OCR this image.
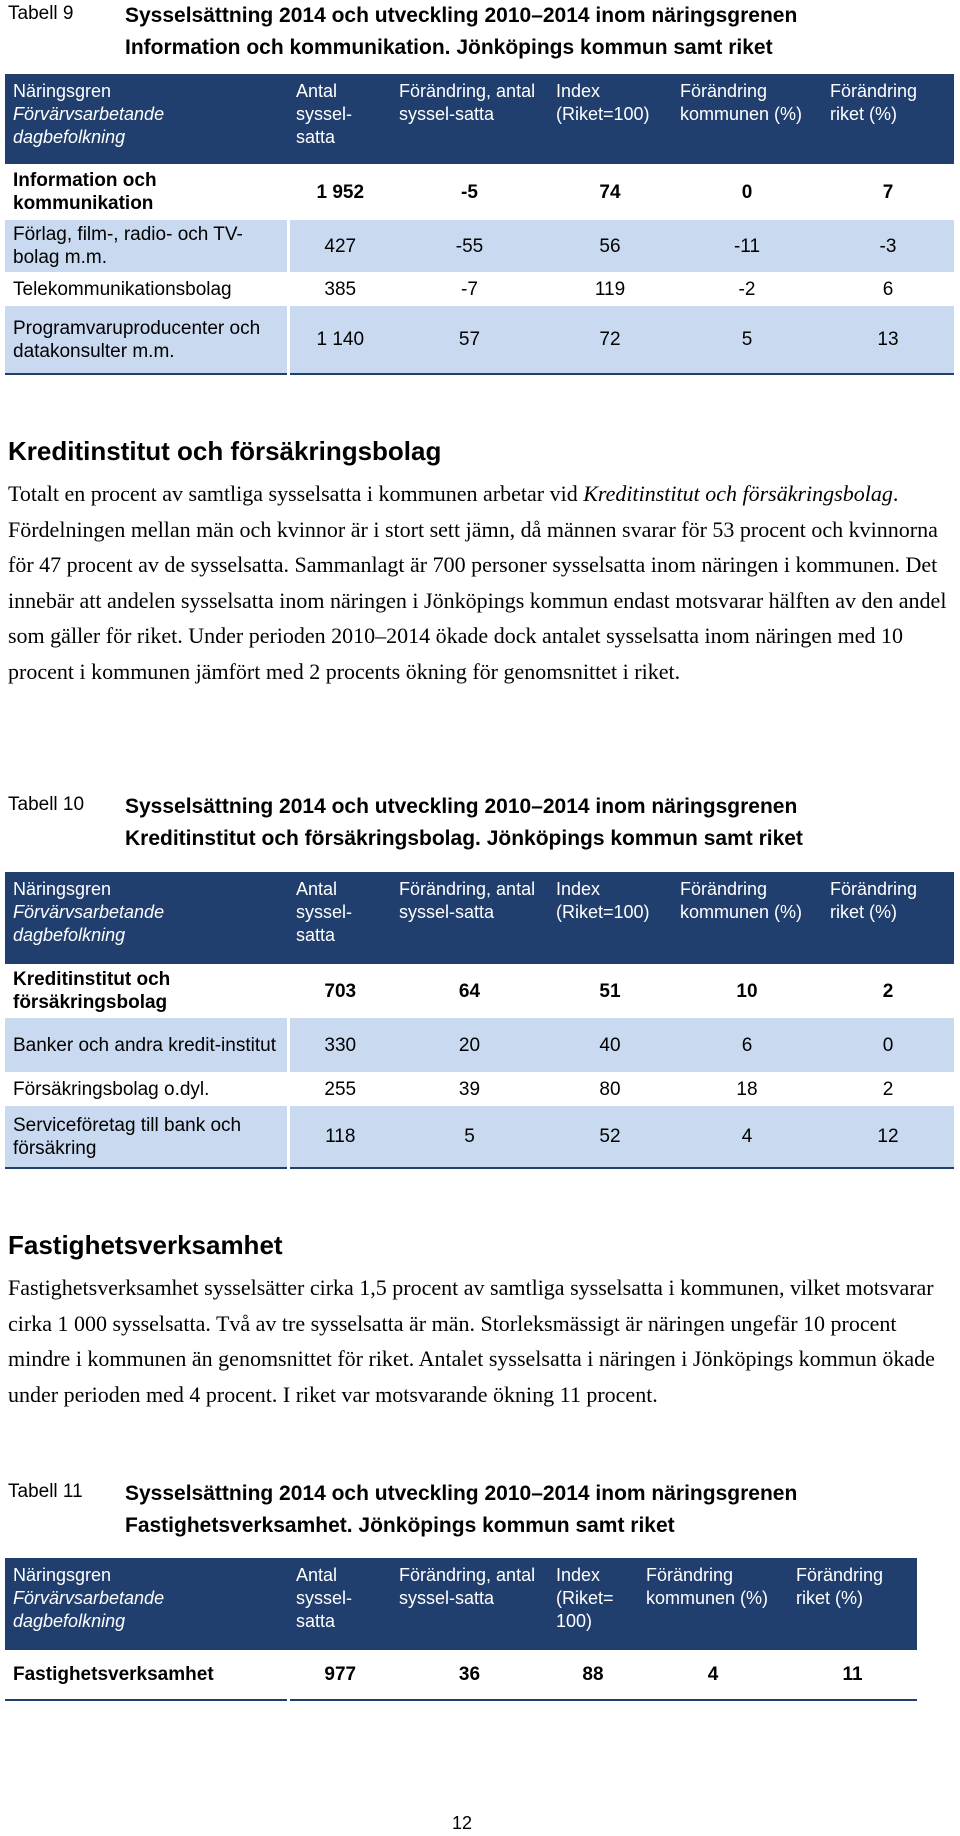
Tabell 9	Sysselsättning 2014 och utveckling 2010–2014 inom näringsgrenen
Information och kommunikation. Jönköpings kommun samt riket
Näringsgren
Förvärvsarbetande
dagbefolkning	Antal syssel-satta	Förändring, antal syssel-satta	Index (Riket=100)	Förändring kommunen (%)	Förändring riket (%)
Information och kommunikation	1 952	-5	74	0	7
Förlag, film-, radio- och TV-bolag m.m.	427	-55	56	-11	-3
Telekommunikationsbolag	385	-7	119	-2	6
Programvaruproducenter och datakonsulter m.m.	1 140	57	72	5	13
Kreditinstitut och försäkringsbolag
Totalt en procent av samtliga sysselsatta i kommunen arbetar vid Kreditinstitut och försäkringsbolag. Fördelningen mellan män och kvinnor är i stort sett jämn, då männen svarar för 53 procent och kvinnorna för 47 procent av de sysselsatta. Sammanlagt är 700 personer sysselsatta inom näringen i kommunen. Det innebär att andelen sysselsatta inom näringen i Jönköpings kommun endast motsvarar hälften av den andel som gäller för riket. Under perioden 2010–2014 ökade dock antalet sysselsatta inom näringen med 10 procent i kommunen jämfört med 2 procents ökning för genomsnittet i riket.
Tabell 10	Sysselsättning 2014 och utveckling 2010–2014 inom näringsgrenen
Kreditinstitut och försäkringsbolag. Jönköpings kommun samt riket
Näringsgren
Förvärvsarbetande
dagbefolkning	Antal syssel-satta	Förändring, antal syssel-satta	Index (Riket=100)	Förändring kommunen (%)	Förändring riket (%)
Kreditinstitut och försäkringsbolag	703	64	51	10	2
Banker och andra kredit-institut	330	20	40	6	0
Försäkringsbolag o.dyl.	255	39	80	18	2
Serviceföretag till bank och försäkring	118	5	52	4	12
Fastighetsverksamhet
Fastighetsverksamhet sysselsätter cirka 1,5 procent av samtliga sysselsatta i kommunen, vilket motsvarar cirka 1 000 sysselsatta. Två av tre sysselsatta är män. Storleksmässigt är näringen ungefär 10 procent mindre i kommunen än genomsnittet för riket. Antalet sysselsatta i näringen i Jönköpings kommun ökade under perioden med 4 procent. I riket var motsvarande ökning 11 procent.
Tabell 11	Sysselsättning 2014 och utveckling 2010–2014 inom näringsgrenen
Fastighetsverksamhet. Jönköpings kommun samt riket
Näringsgren
Förvärvsarbetande
dagbefolkning	Antal syssel-satta	Förändring, antal syssel-satta	Index (Riket= 100)	Förändring kommunen (%)	Förändring riket (%)
Fastighetsverksamhet	977	36	88	4	11
12
